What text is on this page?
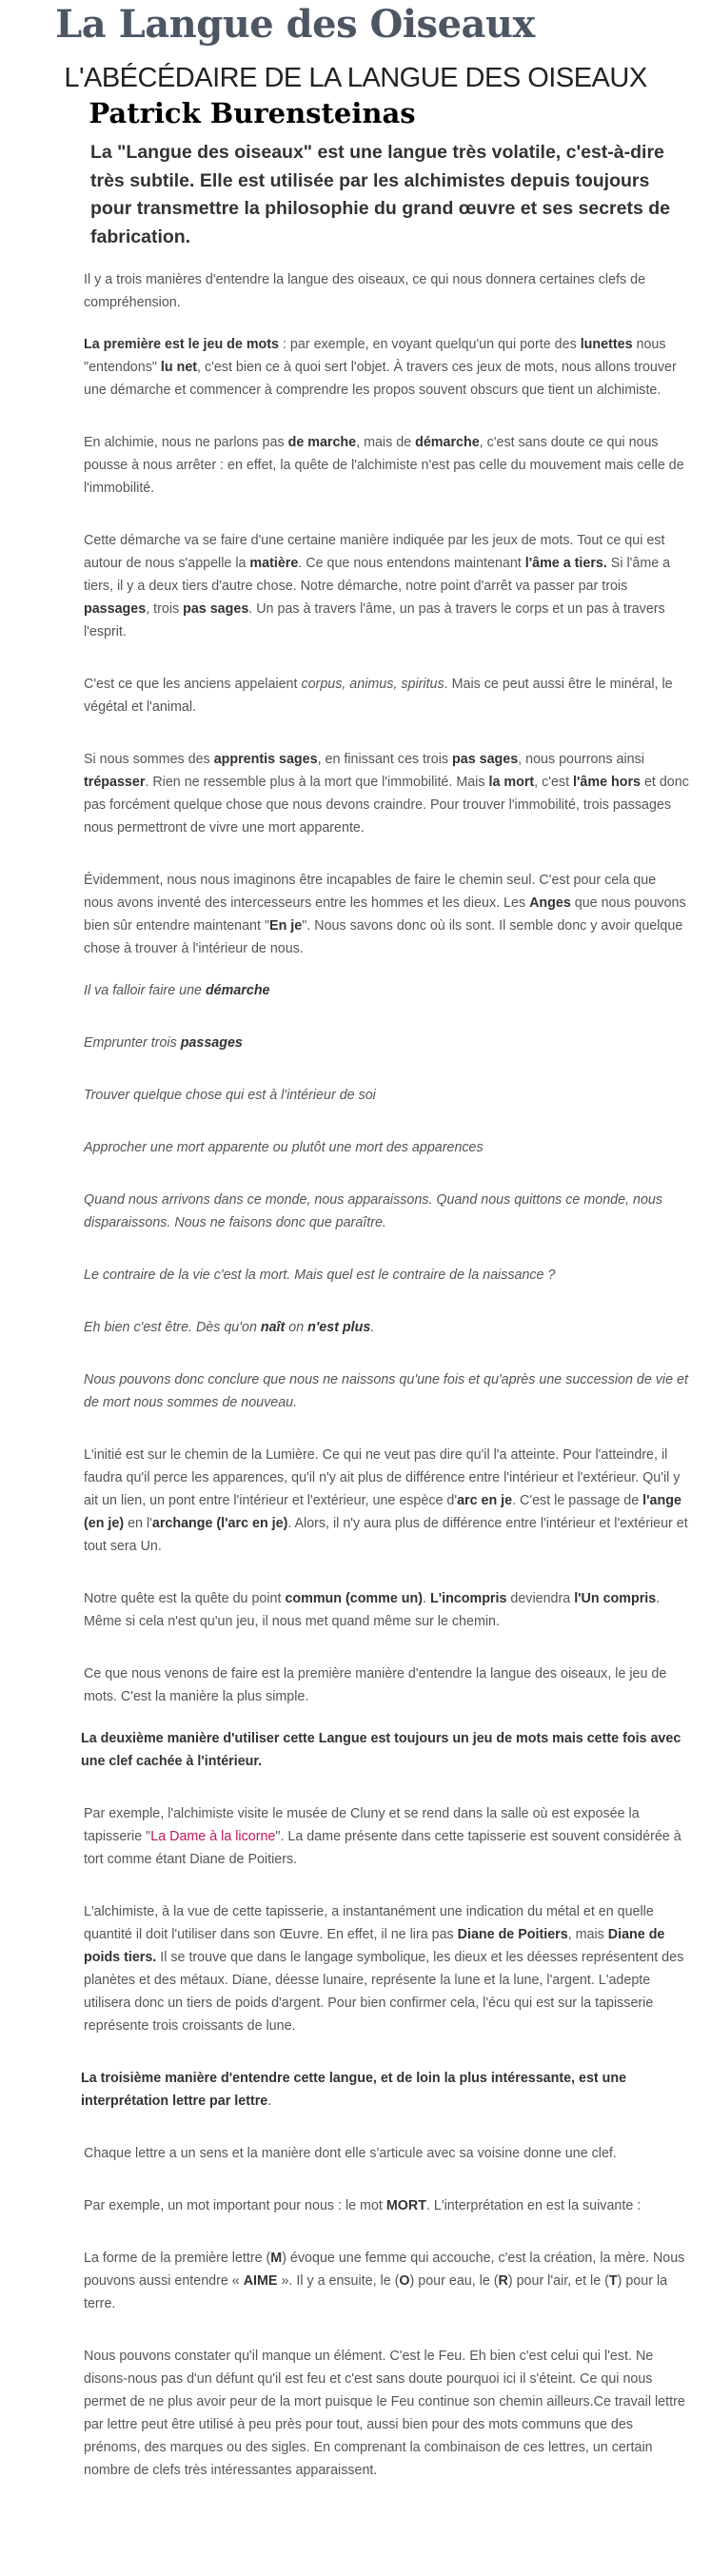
La Langue des Oiseaux
L'ABÉCÉDAIRE DE LA LANGUE DES OISEAUX
Patrick Burensteinas

La "Langue des oiseaux" est une langue très volatile, c'est-à-dire très subtile. Elle est utilisée par les alchimistes depuis toujours pour transmettre la philosophie du grand œuvre et ses secrets de fabrication.

Il y a trois manières d'entendre la langue des oiseaux, ce qui nous donnera certaines clefs de compréhension.

La première est le jeu de mots : par exemple, en voyant quelqu'un qui porte des lunettes nous "entendons" lu net, c'est bien ce à quoi sert l'objet. À travers ces jeux de mots, nous allons trouver une démarche et commencer à comprendre les propos souvent obscurs que tient un alchimiste.

En alchimie, nous ne parlons pas de marche, mais de démarche, c'est sans doute ce qui nous pousse à nous arrêter : en effet, la quête de l'alchimiste n'est pas celle du mouvement mais celle de l'immobilité.

Cette démarche va se faire d'une certaine manière indiquée par les jeux de mots. Tout ce qui est autour de nous s'appelle la matière. Ce que nous entendons maintenant l'âme a tiers. Si l'âme a tiers, il y a deux tiers d'autre chose. Notre démarche, notre point d'arrêt va passer par trois passages, trois pas sages. Un pas à travers l'âme, un pas à travers le corps et un pas à travers l'esprit.

C'est ce que les anciens appelaient corpus, animus, spiritus. Mais ce peut aussi être le minéral, le végétal et l'animal.

Si nous sommes des apprentis sages, en finissant ces trois pas sages, nous pourrons ainsi trépasser. Rien ne ressemble plus à la mort que l'immobilité. Mais la mort, c'est l'âme hors et donc pas forcément quelque chose que nous devons craindre. Pour trouver l'immobilité, trois passages nous permettront de vivre une mort apparente.

Évidemment, nous nous imaginons être incapables de faire le chemin seul. C'est pour cela que nous avons inventé des intercesseurs entre les hommes et les dieux. Les Anges que nous pouvons bien sûr entendre maintenant "En je". Nous savons donc où ils sont. Il semble donc y avoir quelque chose à trouver à l'intérieur de nous.

Il va falloir faire une démarche

Emprunter trois passages

Trouver quelque chose qui est à l'intérieur de soi

Approcher une mort apparente ou plutôt une mort des apparences

Quand nous arrivons dans ce monde, nous apparaissons. Quand nous quittons ce monde, nous disparaissons. Nous ne faisons donc que paraître.

Le contraire de la vie c'est la mort. Mais quel est le contraire de la naissance ?

Eh bien c'est être. Dès qu'on naît on n'est plus.

Nous pouvons donc conclure que nous ne naissons qu'une fois et qu'après une succession de vie et de mort nous sommes de nouveau.

L'initié est sur le chemin de la Lumière. Ce qui ne veut pas dire qu'il l'a atteinte. Pour l'atteindre, il faudra qu'il perce les apparences, qu'il n'y ait plus de différence entre l'intérieur et l'extérieur. Qu'il y ait un lien, un pont entre l'intérieur et l'extérieur, une espèce d'arc en je. C'est le passage de l'ange (en je) en l'archange (l'arc en je). Alors, il n'y aura plus de différence entre l'intérieur et l'extérieur et tout sera Un.

Notre quête est la quête du point commun (comme un). L'incompris deviendra l'Un compris. Même si cela n'est qu'un jeu, il nous met quand même sur le chemin.

Ce que nous venons de faire est la première manière d'entendre la langue des oiseaux, le jeu de mots. C'est la manière la plus simple.

La deuxième manière d'utiliser cette Langue est toujours un jeu de mots mais cette fois avec une clef cachée à l'intérieur.

Par exemple, l'alchimiste visite le musée de Cluny et se rend dans la salle où est exposée la tapisserie "La Dame à la licorne". La dame présente dans cette tapisserie est souvent considérée à tort comme étant Diane de Poitiers.

L'alchimiste, à la vue de cette tapisserie, a instantanément une indication du métal et en quelle quantité il doit l'utiliser dans son Œuvre. En effet, il ne lira pas Diane de Poitiers, mais Diane de poids tiers. Il se trouve que dans le langage symbolique, les dieux et les déesses représentent des planètes et des métaux. Diane, déesse lunaire, représente la lune et la lune, l'argent. L'adepte utilisera donc un tiers de poids d'argent. Pour bien confirmer cela, l'écu qui est sur la tapisserie représente trois croissants de lune.

La troisième manière d'entendre cette langue, et de loin la plus intéressante, est une interprétation lettre par lettre.

Chaque lettre a un sens et la manière dont elle s'articule avec sa voisine donne une clef.

Par exemple, un mot important pour nous : le mot MORT. L'interprétation en est la suivante :

La forme de la première lettre (M) évoque une femme qui accouche, c'est la création, la mère. Nous pouvons aussi entendre « AIME ». Il y a ensuite, le (O) pour eau, le (R) pour l'air, et le (T) pour la terre.

Nous pouvons constater qu'il manque un élément. C'est le Feu. Eh bien c'est celui qui l'est. Ne disons-nous pas d'un défunt qu'il est feu et c'est sans doute pourquoi ici il s'éteint. Ce qui nous permet de ne plus avoir peur de la mort puisque le Feu continue son chemin ailleurs.Ce travail lettre par lettre peut être utilisé à peu près pour tout, aussi bien pour des mots communs que des prénoms, des marques ou des sigles. En comprenant la combinaison de ces lettres, un certain nombre de clefs très intéressantes apparaissent.
